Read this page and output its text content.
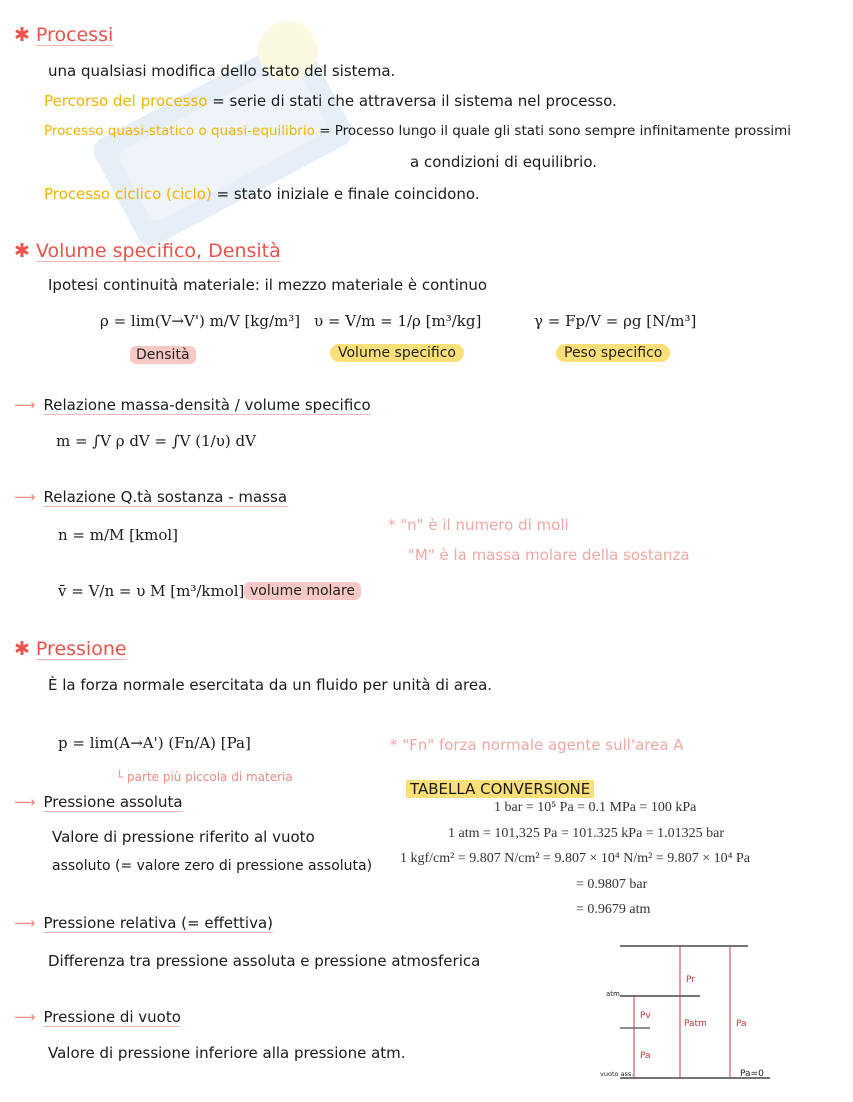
✱ Processi
una qualsiasi modifica dello stato del sistema.
Percorso del processo = serie di stati che attraversa il sistema nel processo.
Processo quasi-statico o quasi-equilibrio = Processo lungo il quale gli stati sono sempre infinitamente prossimi
a condizioni di equilibrio.
Processo ciclico (ciclo) = stato iniziale e finale coincidono.
✱ Volume specifico, Densità
Ipotesi continuità materiale: il mezzo materiale è continuo
ρ = lim(V→V') m/V [kg/m³]
Densità
υ = V/m = 1/ρ [m³/kg]
Volume specifico
γ = Fp/V = ρg [N/m³]
Peso specifico
⟶ Relazione massa-densità / volume specifico
m = ∫V ρ dV = ∫V (1/υ) dV
⟶ Relazione Q.tà sostanza - massa
n = m/M [kmol]
v̄ = V/n = υ M [m³/kmol] volume molare
* "n" è il numero di moli
"M" è la massa molare della sostanza
✱ Pressione
È la forza normale esercitata da un fluido per unità di area.
p = lim(A→A') (Fn/A) [Pa]
└ parte più piccola di materia
* "Fn" forza normale agente sull'area A
⟶ Pressione assoluta
Valore di pressione riferito al vuoto
assoluto (= valore zero di pressione assoluta)
⟶ Pressione relativa (= effettiva)
Differenza tra pressione assoluta e pressione atmosferica
⟶ Pressione di vuoto
Valore di pressione inferiore alla pressione atm.
TABELLA CONVERSIONE
1 bar = 10⁵ Pa = 0.1 MPa = 100 kPa
1 atm = 101,325 Pa = 101.325 kPa = 1.01325 bar
1 kgf/cm² = 9.807 N/cm² = 9.807 × 10⁴ N/m² = 9.807 × 10⁴ Pa
= 0.9807 bar
= 0.9679 atm
atm.
Pr
Pv
Patm	Pa
Pa
vuoto ass.	Pa=0
